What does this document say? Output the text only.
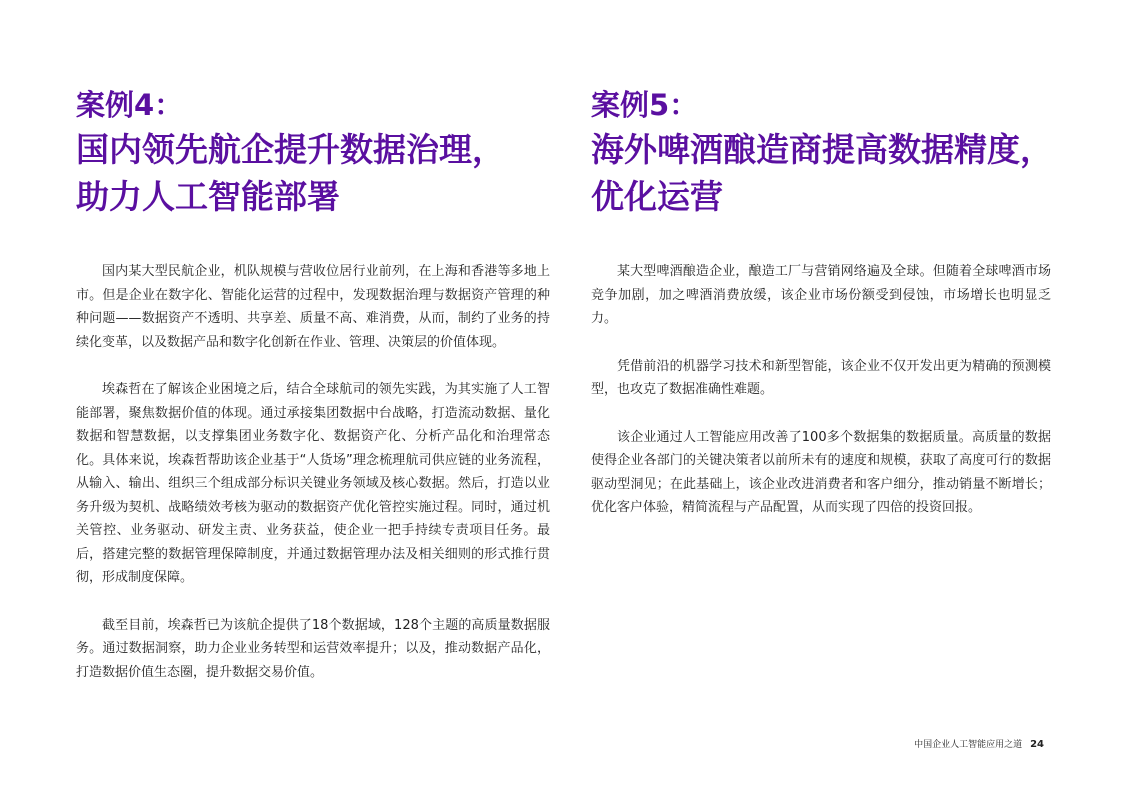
案例4：
国内领先航企提升数据治理，
助力人工智能部署

国内某大型民航企业，机队规模与营收位居行业前列，在上海和香港等多地上市。但是企业在数字化、智能化运营的过程中，发现数据治理与数据资产管理的种种问题——数据资产不透明、共享差、质量不高、难消费，从而，制约了业务的持续化变革，以及数据产品和数字化创新在作业、管理、决策层的价值体现。

埃森哲在了解该企业困境之后，结合全球航司的领先实践，为其实施了人工智能部署，聚焦数据价值的体现。通过承接集团数据中台战略，打造流动数据、量化数据和智慧数据，以支撑集团业务数字化、数据资产化、分析产品化和治理常态化。具体来说，埃森哲帮助该企业基于“人货场”理念梳理航司供应链的业务流程，从输入、输出、组织三个组成部分标识关键业务领域及核心数据。然后，打造以业务升级为契机、战略绩效考核为驱动的数据资产优化管控实施过程。同时，通过机关管控、业务驱动、研发主责、业务获益，使企业一把手持续专责项目任务。最后，搭建完整的数据管理保障制度，并通过数据管理办法及相关细则的形式推行贯彻，形成制度保障。

截至目前，埃森哲已为该航企提供了18个数据域，128个主题的高质量数据服务。通过数据洞察，助力企业业务转型和运营效率提升；以及，推动数据产品化，打造数据价值生态圈，提升数据交易价值。

案例5：
海外啤酒酿造商提高数据精度，
优化运营

某大型啤酒酿造企业，酿造工厂与营销网络遍及全球。但随着全球啤酒市场竞争加剧，加之啤酒消费放缓，该企业市场份额受到侵蚀，市场增长也明显乏力。

凭借前沿的机器学习技术和新型智能，该企业不仅开发出更为精确的预测模型，也攻克了数据准确性难题。

该企业通过人工智能应用改善了100多个数据集的数据质量。高质量的数据使得企业各部门的关键决策者以前所未有的速度和规模，获取了高度可行的数据驱动型洞见；在此基础上，该企业改进消费者和客户细分，推动销量不断增长；优化客户体验，精简流程与产品配置，从而实现了四倍的投资回报。

中国企业人工智能应用之道 24
